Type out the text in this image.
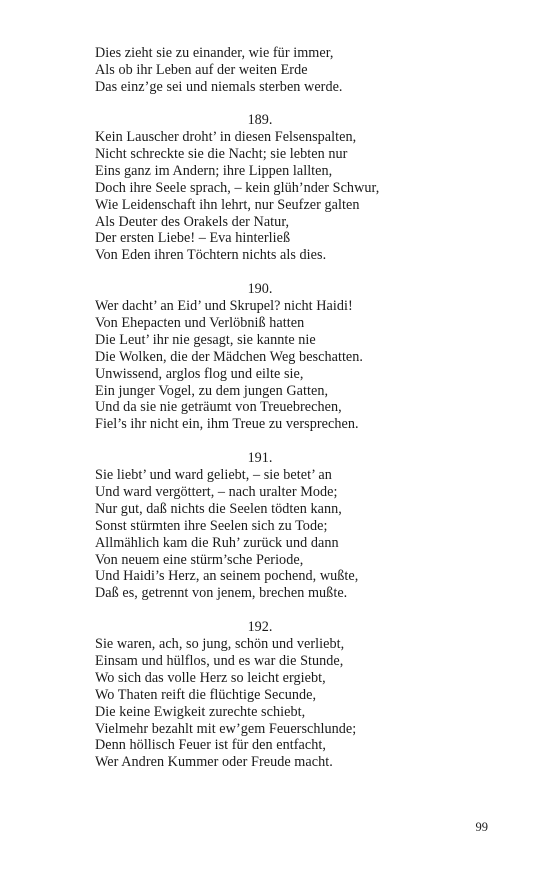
Dies zieht sie zu einander, wie für immer,
Als ob ihr Leben auf der weiten Erde
Das einz’ge sei und niemals sterben werde.
189.
Kein Lauscher droht’ in diesen Felsenspalten,
Nicht schreckte sie die Nacht; sie lebten nur
Eins ganz im Andern; ihre Lippen lallten,
Doch ihre Seele sprach, – kein glüh’nder Schwur,
Wie Leidenschaft ihn lehrt, nur Seufzer galten
Als Deuter des Orakels der Natur,
Der ersten Liebe! – Eva hinterließ
Von Eden ihren Töchtern nichts als dies.
190.
Wer dacht’ an Eid’ und Skrupel? nicht Haidi!
Von Ehepacten und Verlöbniß hatten
Die Leut’ ihr nie gesagt, sie kannte nie
Die Wolken, die der Mädchen Weg beschatten.
Unwissend, arglos flog und eilte sie,
Ein junger Vogel, zu dem jungen Gatten,
Und da sie nie geträumt von Treuebrechen,
Fiel’s ihr nicht ein, ihm Treue zu versprechen.
191.
Sie liebt’ und ward geliebt, – sie betet’ an
Und ward vergöttert, – nach uralter Mode;
Nur gut, daß nichts die Seelen tödten kann,
Sonst stürmten ihre Seelen sich zu Tode;
Allmählich kam die Ruh’ zurück und dann
Von neuem eine stürm’sche Periode,
Und Haidi’s Herz, an seinem pochend, wußte,
Daß es, getrennt von jenem, brechen mußte.
192.
Sie waren, ach, so jung, schön und verliebt,
Einsam und hülflos, und es war die Stunde,
Wo sich das volle Herz so leicht ergiebt,
Wo Thaten reift die flüchtige Secunde,
Die keine Ewigkeit zurechte schiebt,
Vielmehr bezahlt mit ew’gem Feuerschlunde;
Denn höllisch Feuer ist für den entfacht,
Wer Andren Kummer oder Freude macht.
99
